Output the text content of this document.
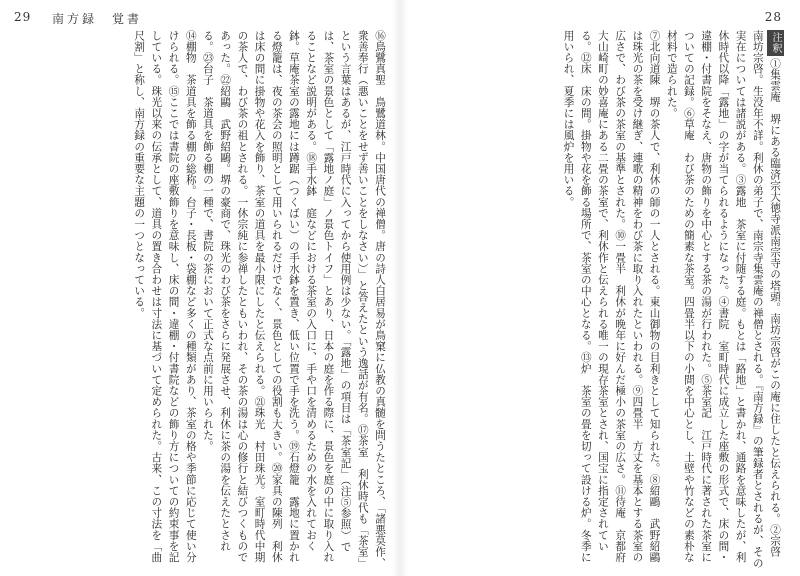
29 南方録　覚書

⑯鳥鷺真聖　鳥鷺道林。中国唐代の禅僧。唐の詩人白居易が鳥窠に仏教の真髄を問うたところ、「諸悪莫作、衆善奉行（悪いことをせず善いことをしなさい）」と答えたという逸話が有名。⑰茶室　利休時代も「茶室」という言葉はあるが、江戸時代に入ってから使用例は少ない。「露地」の項目は「茶室記」（注⑤参照）では、茶室の景色として「露地ノ庭」ノ景色トイフ」とあり、日本の庭を作る際に、景色を庭の中に取り入れることなど説明がある。⑱手水鉢　庭などにおける茶室の入口に、手や口を清めるための水を入れておく鉢。草庵茶室の露地には蹲踞（つくばい）の手水鉢を置き、低い位置で手を洗う。⑲石燈籠　露地に置かれる燈籠は、夜の茶会の照明として用いられるだけでなく、景色としての役割も大きい。⑳家具の陳列　利休は床の間に掛物や花入を飾り、茶室の道具を最小限にしたと伝えられる。㉑珠光　村田珠光。室町時代中期の茶人で、わび茶の祖とされる。一休宗純に参禅したともいわれ、その茶の湯は心の修行と結びつくものであった。㉒紹鷗　武野紹鷗。堺の豪商で、珠光のわび茶をさらに発展させ、利休に茶の湯を伝えたとされる。㉓台子　茶道具を飾る棚の一種で、書院の茶において正式な点前に用いられた。

⑭棚物　茶道具を飾る棚の総称。台子・長板・袋棚など多くの種類があり、茶室の格や季節に応じて使い分けられる。⑮ここでは書院の座敷飾りを意味し、床の間・違棚・付書院などの飾り方についての約束事を記している。珠光以来の伝承として、道具の置き合わせは寸法に基づいて定められた。古来、この寸法を「曲尺割」と称し、南方録の重要な主題の一つとなっている。

28

注釈①集雲庵　堺にある臨済宗大徳寺派南宗寺の塔頭。南坊宗啓がこの庵に住したと伝えられる。②宗啓　南坊宗啓。生没年不詳。利休の弟子で、南宗寺集雲庵の禅僧とされる。『南方録』の筆録者とされるが、その実在については諸説がある。③露地　茶室に付随する庭。もとは「路地」と書かれ、通路を意味したが、利休時代以降「露地」の字が当てられるようになった。④書院　室町時代に成立した座敷の形式で、床の間・違棚・付書院をそなえ、唐物の飾りを中心とする茶の湯が行われた。⑤茶室記　江戸時代に著された茶室についての記録。⑥草庵　わび茶のための簡素な茶室。四畳半以下の小間を中心とし、土壁や竹などの素朴な材料で造られた。

⑦北向道陳　堺の茶人で、利休の師の一人とされる。東山御物の目利きとして知られた。⑧紹鷗　武野紹鷗は珠光の茶を受け継ぎ、連歌の精神をわび茶に取り入れたといわれる。⑨四畳半　方丈を基本とする茶室の広さで、わび茶の茶室の基準とされた。⑩一畳半　利休が晩年に好んだ極小の茶室の広さ。⑪待庵　京都府大山崎町の妙喜庵にある二畳の茶室で、利休作と伝えられる唯一の現存茶室とされ、国宝に指定されている。⑫床　床の間。掛物や花を飾る場所で、茶室の中心となる。⑬炉　茶室の畳を切って設ける炉。冬季に用いられ、夏季には風炉を用いる。
